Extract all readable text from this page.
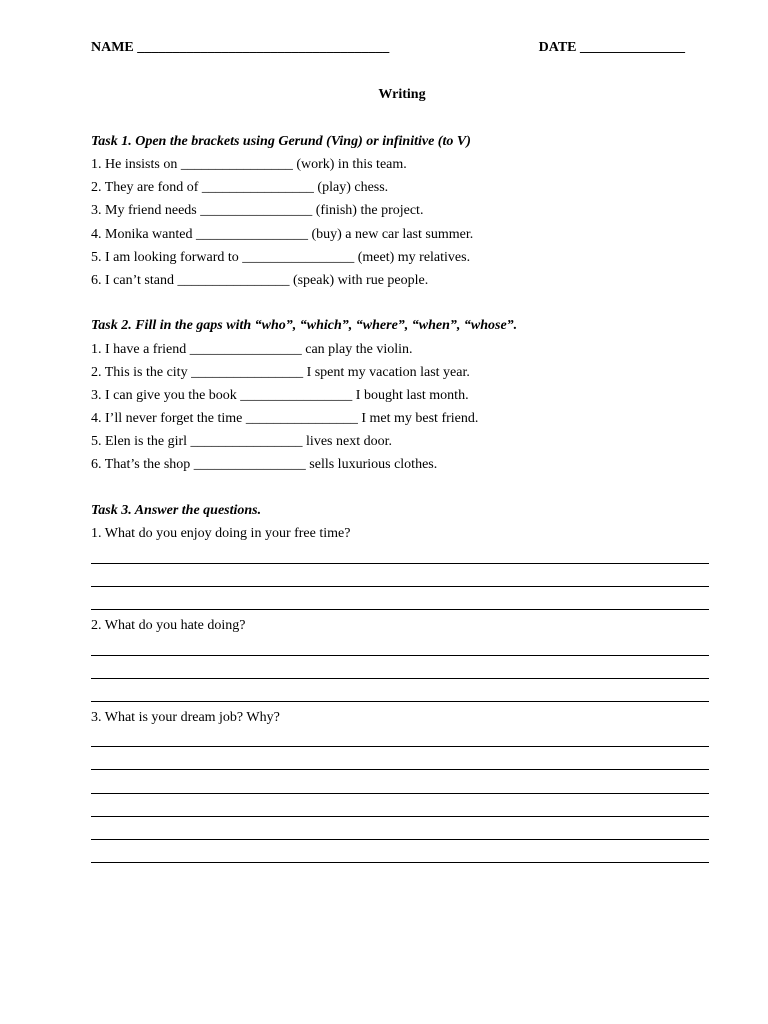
NAME ____________________________________	DATE _______________
Writing
Task 1. Open the brackets using Gerund (Ving) or infinitive (to V)
1. He insists on ________________ (work) in this team.
2. They are fond of ________________ (play) chess.
3. My friend needs ________________ (finish) the project.
4. Monika wanted ________________ (buy) a new car last summer.
5. I am looking forward to ________________ (meet) my relatives.
6. I can’t stand ________________ (speak) with rue people.
Task 2. Fill in the gaps with “who”, “which”, “where”, “when”, “whose”.
1. I have a friend ________________ can play the violin.
2. This is the city ________________ I spent my vacation last year.
3. I can give you the book ________________ I bought last month.
4. I’ll never forget the time ________________ I met my best friend.
5. Elen is the girl ________________ lives next door.
6. That’s the shop ________________ sells luxurious clothes.
Task 3. Answer the questions.
1. What do you enjoy doing in your free time?
2. What do you hate doing?
3. What is your dream job? Why?
